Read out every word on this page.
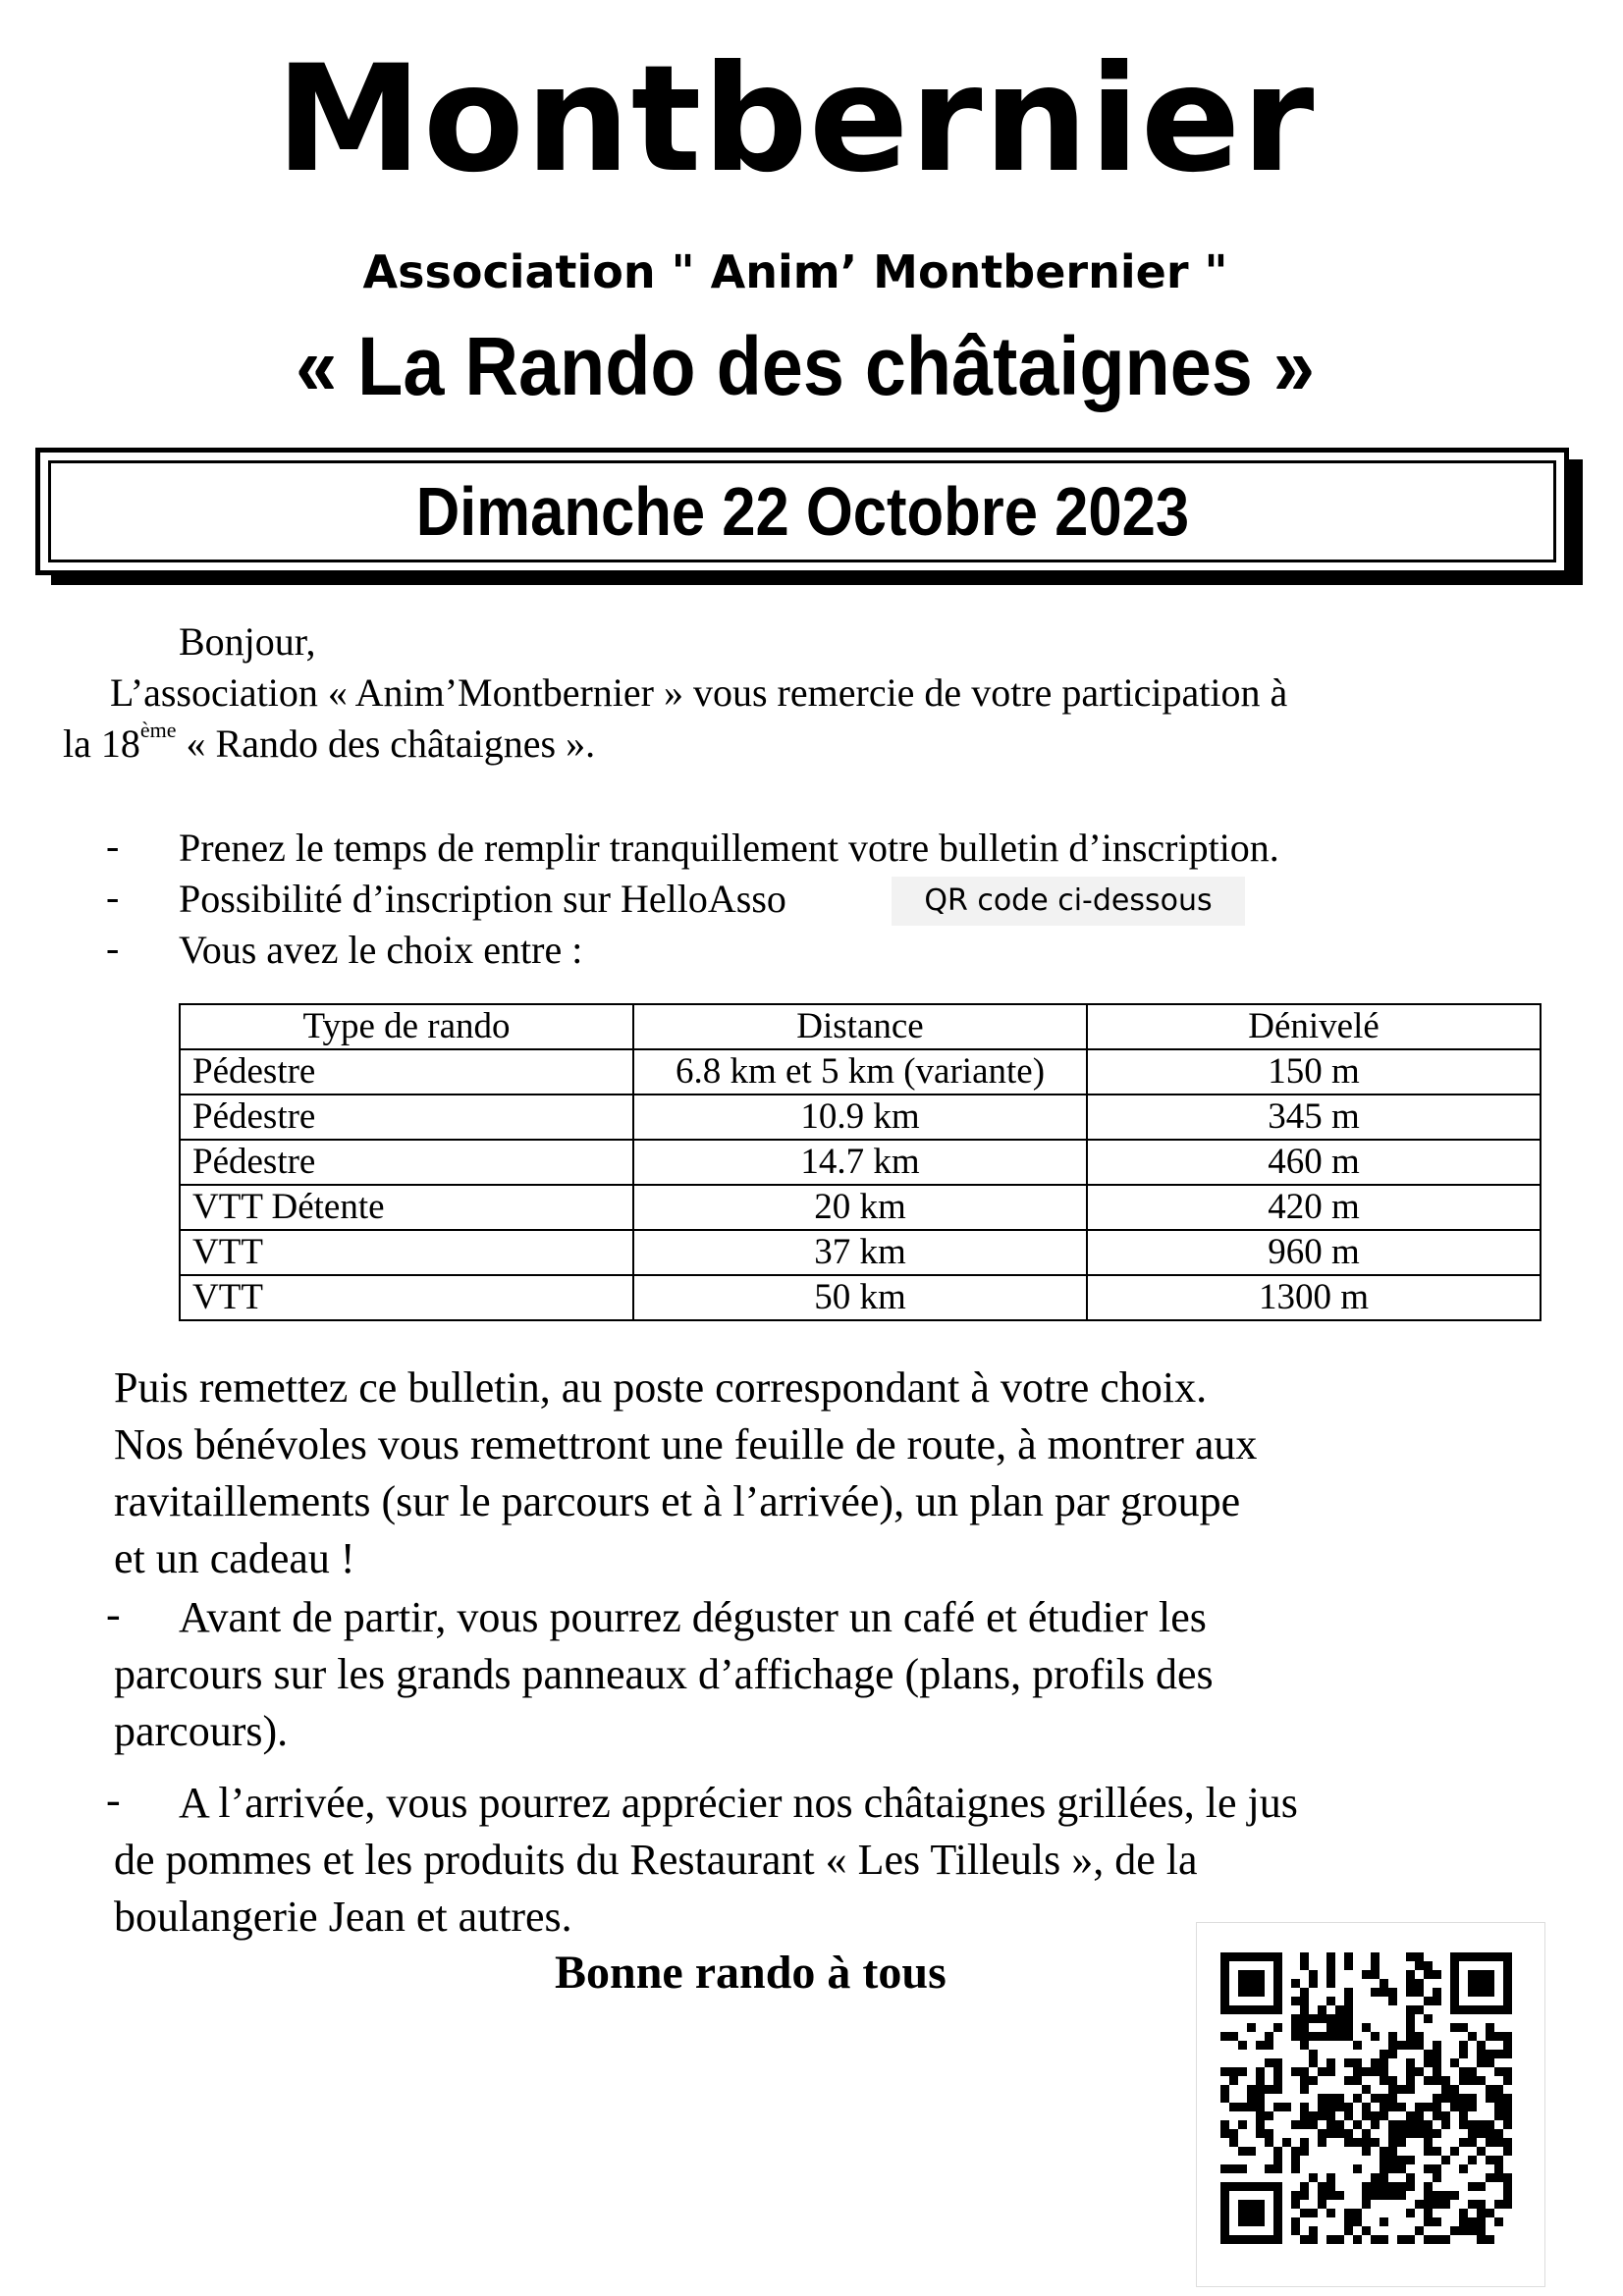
Montbernier
Association " Anim’ Montbernier "
« La Rando des châtaignes »
Dimanche 22 Octobre 2023
Bonjour,
L’association « Anim’Montbernier » vous remercie de votre participation à
la 18ème « Rando des châtaignes ».
- Prenez le temps de remplir tranquillement votre bulletin d’inscription.
- Possibilité d’inscription sur HelloAsso	QR code ci-dessous
- Vous avez le choix entre :
Type de rando	Distance	Dénivelé
Pédestre	6.8 km et 5 km (variante)	150 m
Pédestre	10.9 km	345 m
Pédestre	14.7 km	460 m
VTT Détente	20 km	420 m
VTT	37 km	960 m
VTT	50 km	1300 m
Puis remettez ce bulletin, au poste correspondant à votre choix.
Nos bénévoles vous remettront une feuille de route, à montrer aux
ravitaillements (sur le parcours et à l’arrivée), un plan par groupe
et un cadeau !
- Avant de partir, vous pourrez déguster un café et étudier les
parcours sur les grands panneaux d’affichage (plans, profils des
parcours).
- A l’arrivée, vous pourrez apprécier nos châtaignes grillées, le jus
de pommes et les produits du Restaurant « Les Tilleuls », de la
boulangerie Jean et autres.
Bonne rando à tous
